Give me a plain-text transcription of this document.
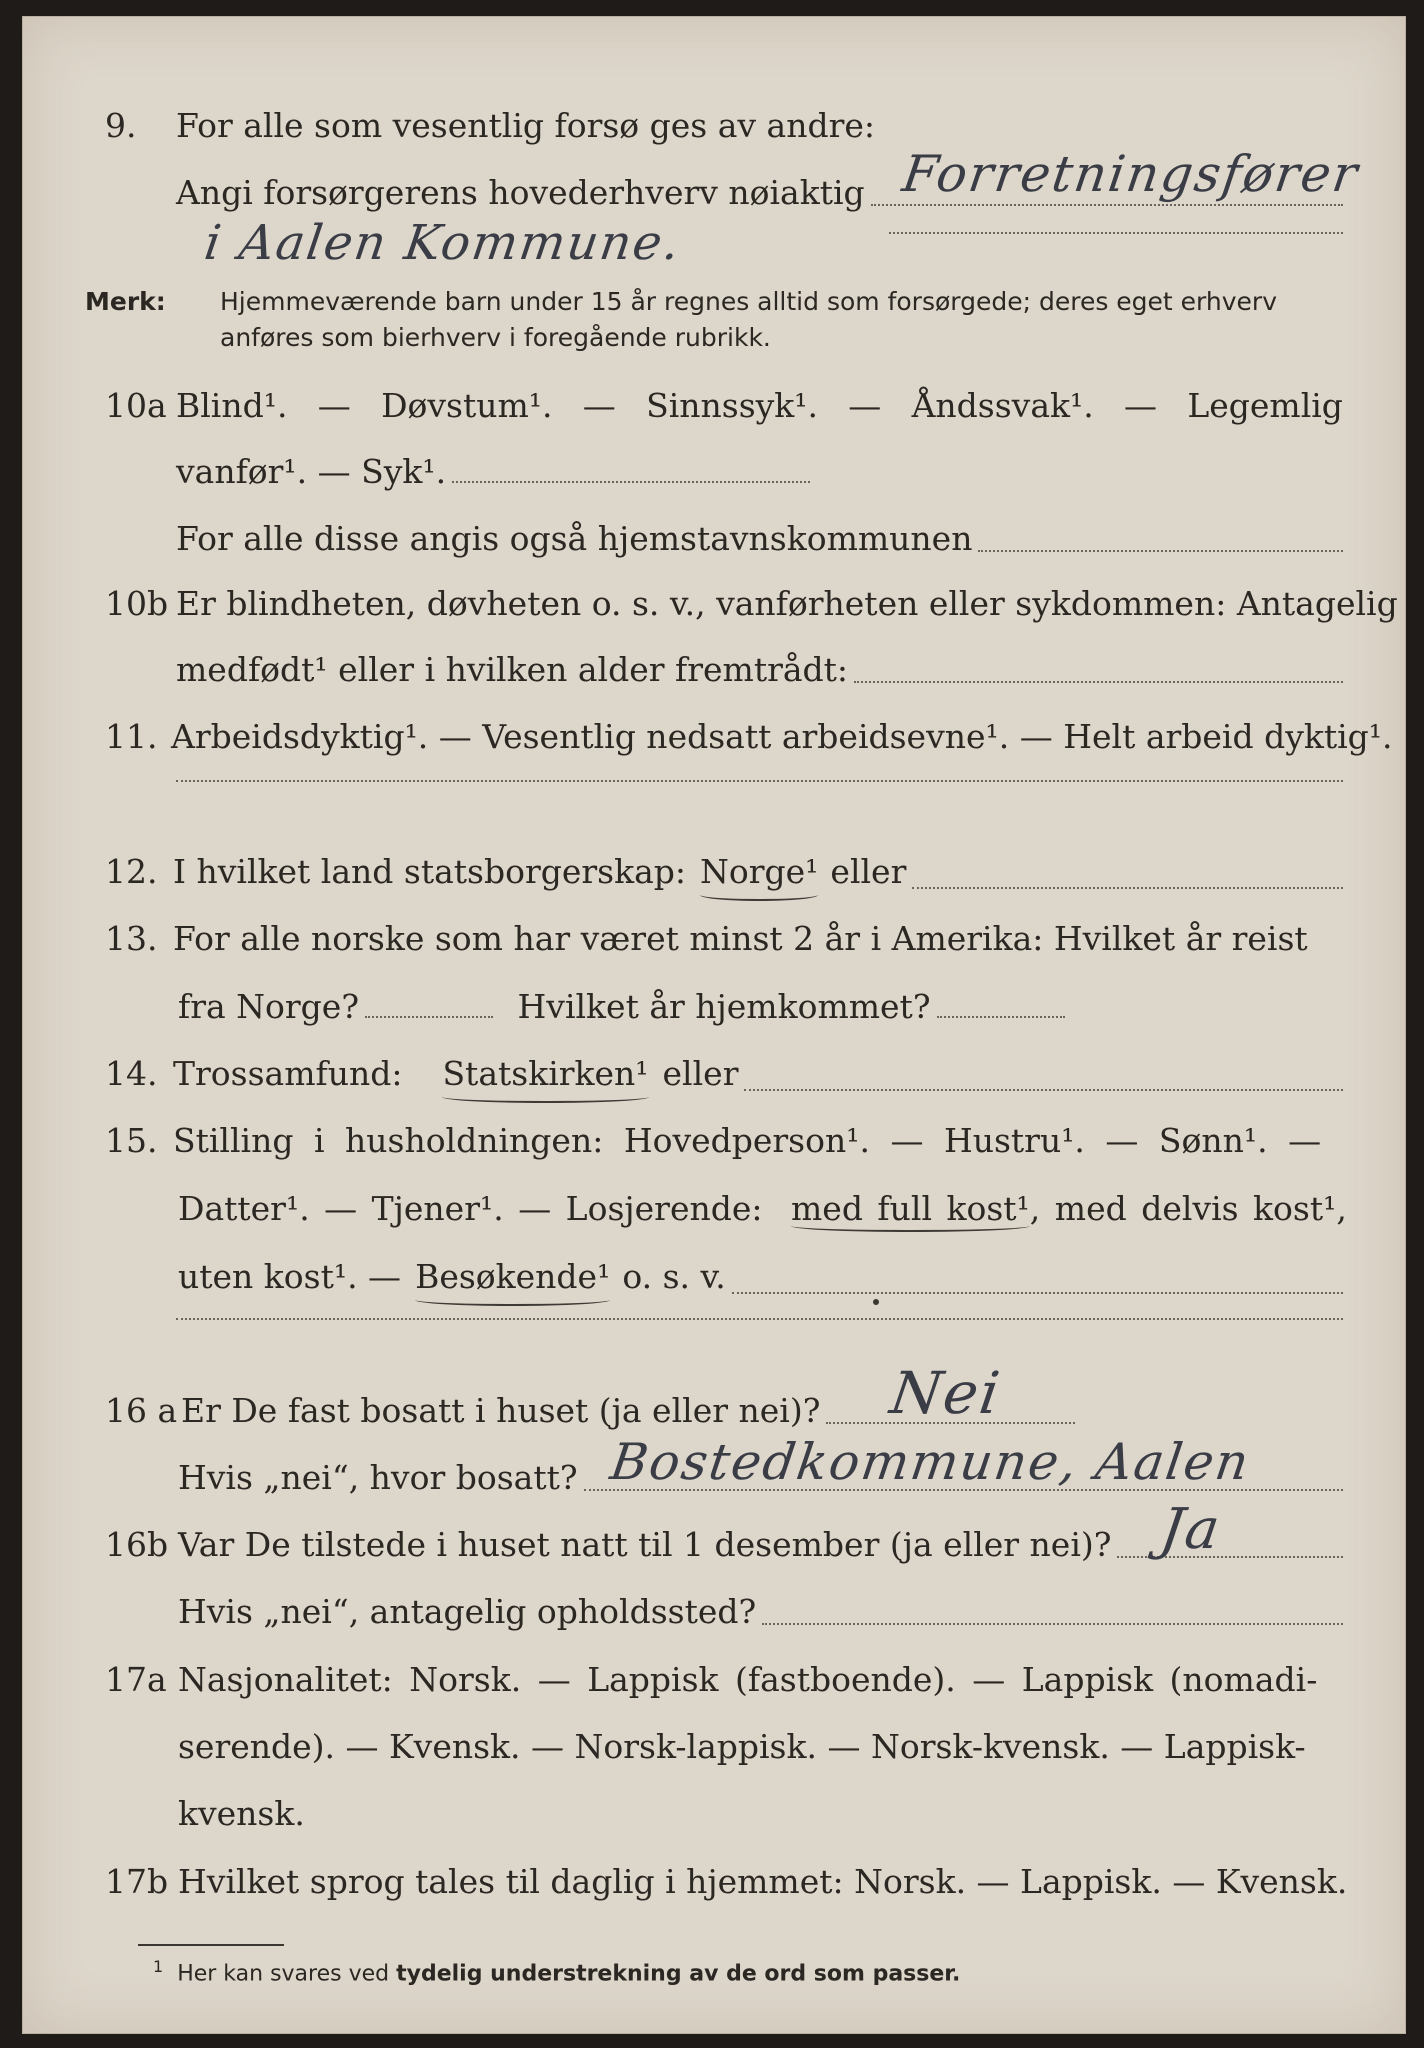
9. For alle som vesentlig forsø ges av andre:
Angi forsørgerens hovederhverv nøiaktig Forretningsfører
i Aalen Kommune.
Merk: Hjemmeværende barn under 15 år regnes alltid som forsørgede; deres eget erhverv
anføres som bierhverv i foregående rubrikk.
10a Blind¹. — Døvstum¹. — Sinnssyk¹. — Åndssvak¹. — Legemlig
vanfør¹. — Syk¹.
For alle disse angis også hjemstavnskommunen
10b Er blindheten, døvheten o. s. v., vanførheten eller sykdommen: Antagelig
medfødt¹ eller i hvilken alder fremtrådt:
11. Arbeidsdyktig¹. — Vesentlig nedsatt arbeidsevne¹. — Helt arbeid dyktig¹.
12. I hvilket land statsborgerskap: Norge¹ eller
13. For alle norske som har været minst 2 år i Amerika: Hvilket år reist
fra Norge?	Hvilket år hjemkommet?
14. Trossamfund: Statskirken¹ eller
15. Stilling i husholdningen: Hovedperson¹. — Hustru¹. — Sønn¹. —
Datter¹. — Tjener¹. — Losjerende: med full kost¹, med delvis kost¹,
uten kost¹. — Besøkende¹ o. s. v.
16 a Er De fast bosatt i huset (ja eller nei)? Nei
Hvis „nei“, hvor bosatt? Bostedkommune, Aalen
16b Var De tilstede i huset natt til 1 desember (ja eller nei)? Ja
Hvis „nei“, antagelig opholdssted?
17a Nasjonalitet: Norsk. — Lappisk (fastboende). — Lappisk (nomadi-
serende). — Kvensk. — Norsk-lappisk. — Norsk-kvensk. — Lappisk-
kvensk.
17b Hvilket sprog tales til daglig i hjemmet: Norsk. — Lappisk. — Kvensk.
$^1$ Her kan svares ved tydelig understrekning av de ord som passer.
